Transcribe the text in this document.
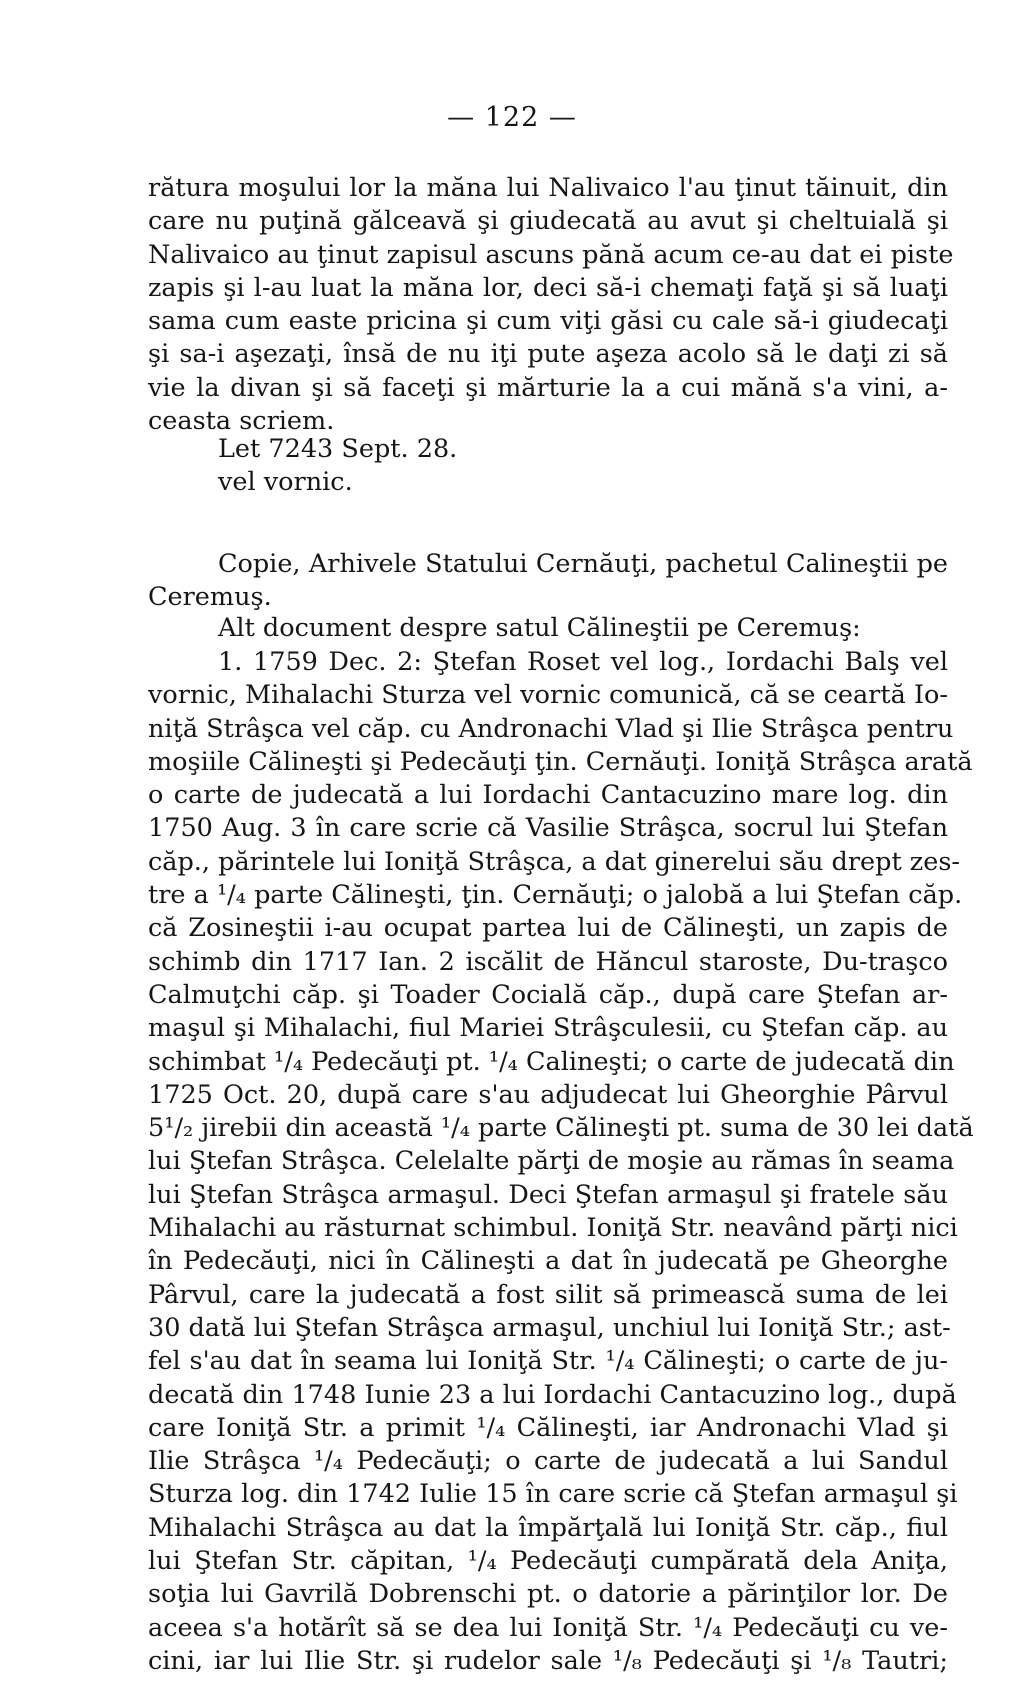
— 122 —
rătura moşului lor la măna lui Nalivaico l'au ţinut tăinuit, din
care nu puţină gălceavă şi giudecată au avut şi cheltuială şi
Nalivaico au ţinut zapisul ascuns pănă acum ce-au dat ei piste
zapis şi l-au luat la măna lor, deci să-i chemaţi faţă şi să luaţi
sama cum easte pricina şi cum viţi găsi cu cale să-i giudecaţi
şi sa-i aşezaţi, însă de nu iţi pute aşeza acolo să le daţi zi să
vie la divan şi să faceţi şi mărturie la a cui mănă s'a vini, a-
ceasta scriem.
Let 7243 Sept. 28.
vel vornic.
Copie, Arhivele Statului Cernăuţi, pachetul Calineştii pe
Ceremuş.
Alt document despre satul Călineştii pe Ceremuş:
1. 1759 Dec. 2: Ştefan Roset vel log., Iordachi Balş vel
vornic, Mihalachi Sturza vel vornic comunică, că se ceartă Io-
niţă Strâşca vel căp. cu Andronachi Vlad şi Ilie Strâşca pentru
moşiile Călineşti şi Pedecăuţi ţin. Cernăuţi. Ioniţă Strâşca arată
o carte de judecată a lui Iordachi Cantacuzino mare log. din
1750 Aug. 3 în care scrie că Vasilie Strâşca, socrul lui Ştefan
căp., părintele lui Ioniţă Strâşca, a dat ginerelui său drept zes-
tre a ¹/₄ parte Călineşti, ţin. Cernăuţi; o jalobă a lui Ştefan căp.
că Zosineştii i-au ocupat partea lui de Călineşti, un zapis de
schimb din 1717 Ian. 2 iscălit de Hăncul staroste, Du-traşco
Calmuţchi căp. şi Toader Cocială căp., după care Ştefan ar-
maşul şi Mihalachi, fiul Mariei Strâşculesii, cu Ştefan căp. au
schimbat ¹/₄ Pedecăuţi pt. ¹/₄ Calineşti; o carte de judecată din
1725 Oct. 20, după care s'au adjudecat lui Gheorghie Pârvul
5¹/₂ jirebii din această ¹/₄ parte Călineşti pt. suma de 30 lei dată
lui Ştefan Strâşca. Celelalte părţi de moşie au rămas în seama
lui Ştefan Strâşca armaşul. Deci Ştefan armaşul şi fratele său
Mihalachi au răsturnat schimbul. Ioniţă Str. neavând părţi nici
în Pedecăuţi, nici în Călineşti a dat în judecată pe Gheorghe
Pârvul, care la judecată a fost silit să primească suma de lei
30 dată lui Ştefan Strâşca armaşul, unchiul lui Ioniţă Str.; ast-
fel s'au dat în seama lui Ioniţă Str. ¹/₄ Călineşti; o carte de ju-
decată din 1748 Iunie 23 a lui Iordachi Cantacuzino log., după
care Ioniţă Str. a primit ¹/₄ Călineşti, iar Andronachi Vlad şi
Ilie Strâşca ¹/₄ Pedecăuţi; o carte de judecată a lui Sandul
Sturza log. din 1742 Iulie 15 în care scrie că Ştefan armaşul şi
Mihalachi Strâşca au dat la împărţală lui Ioniţă Str. căp., fiul
lui Ştefan Str. căpitan, ¹/₄ Pedecăuţi cumpărată dela Aniţa,
soţia lui Gavrilă Dobrenschi pt. o datorie a părinţilor lor. De
aceea s'a hotărît să se dea lui Ioniţă Str. ¹/₄ Pedecăuţi cu ve-
cini, iar lui Ilie Str. şi rudelor sale ¹/₈ Pedecăuţi şi ¹/₈ Tautri;
